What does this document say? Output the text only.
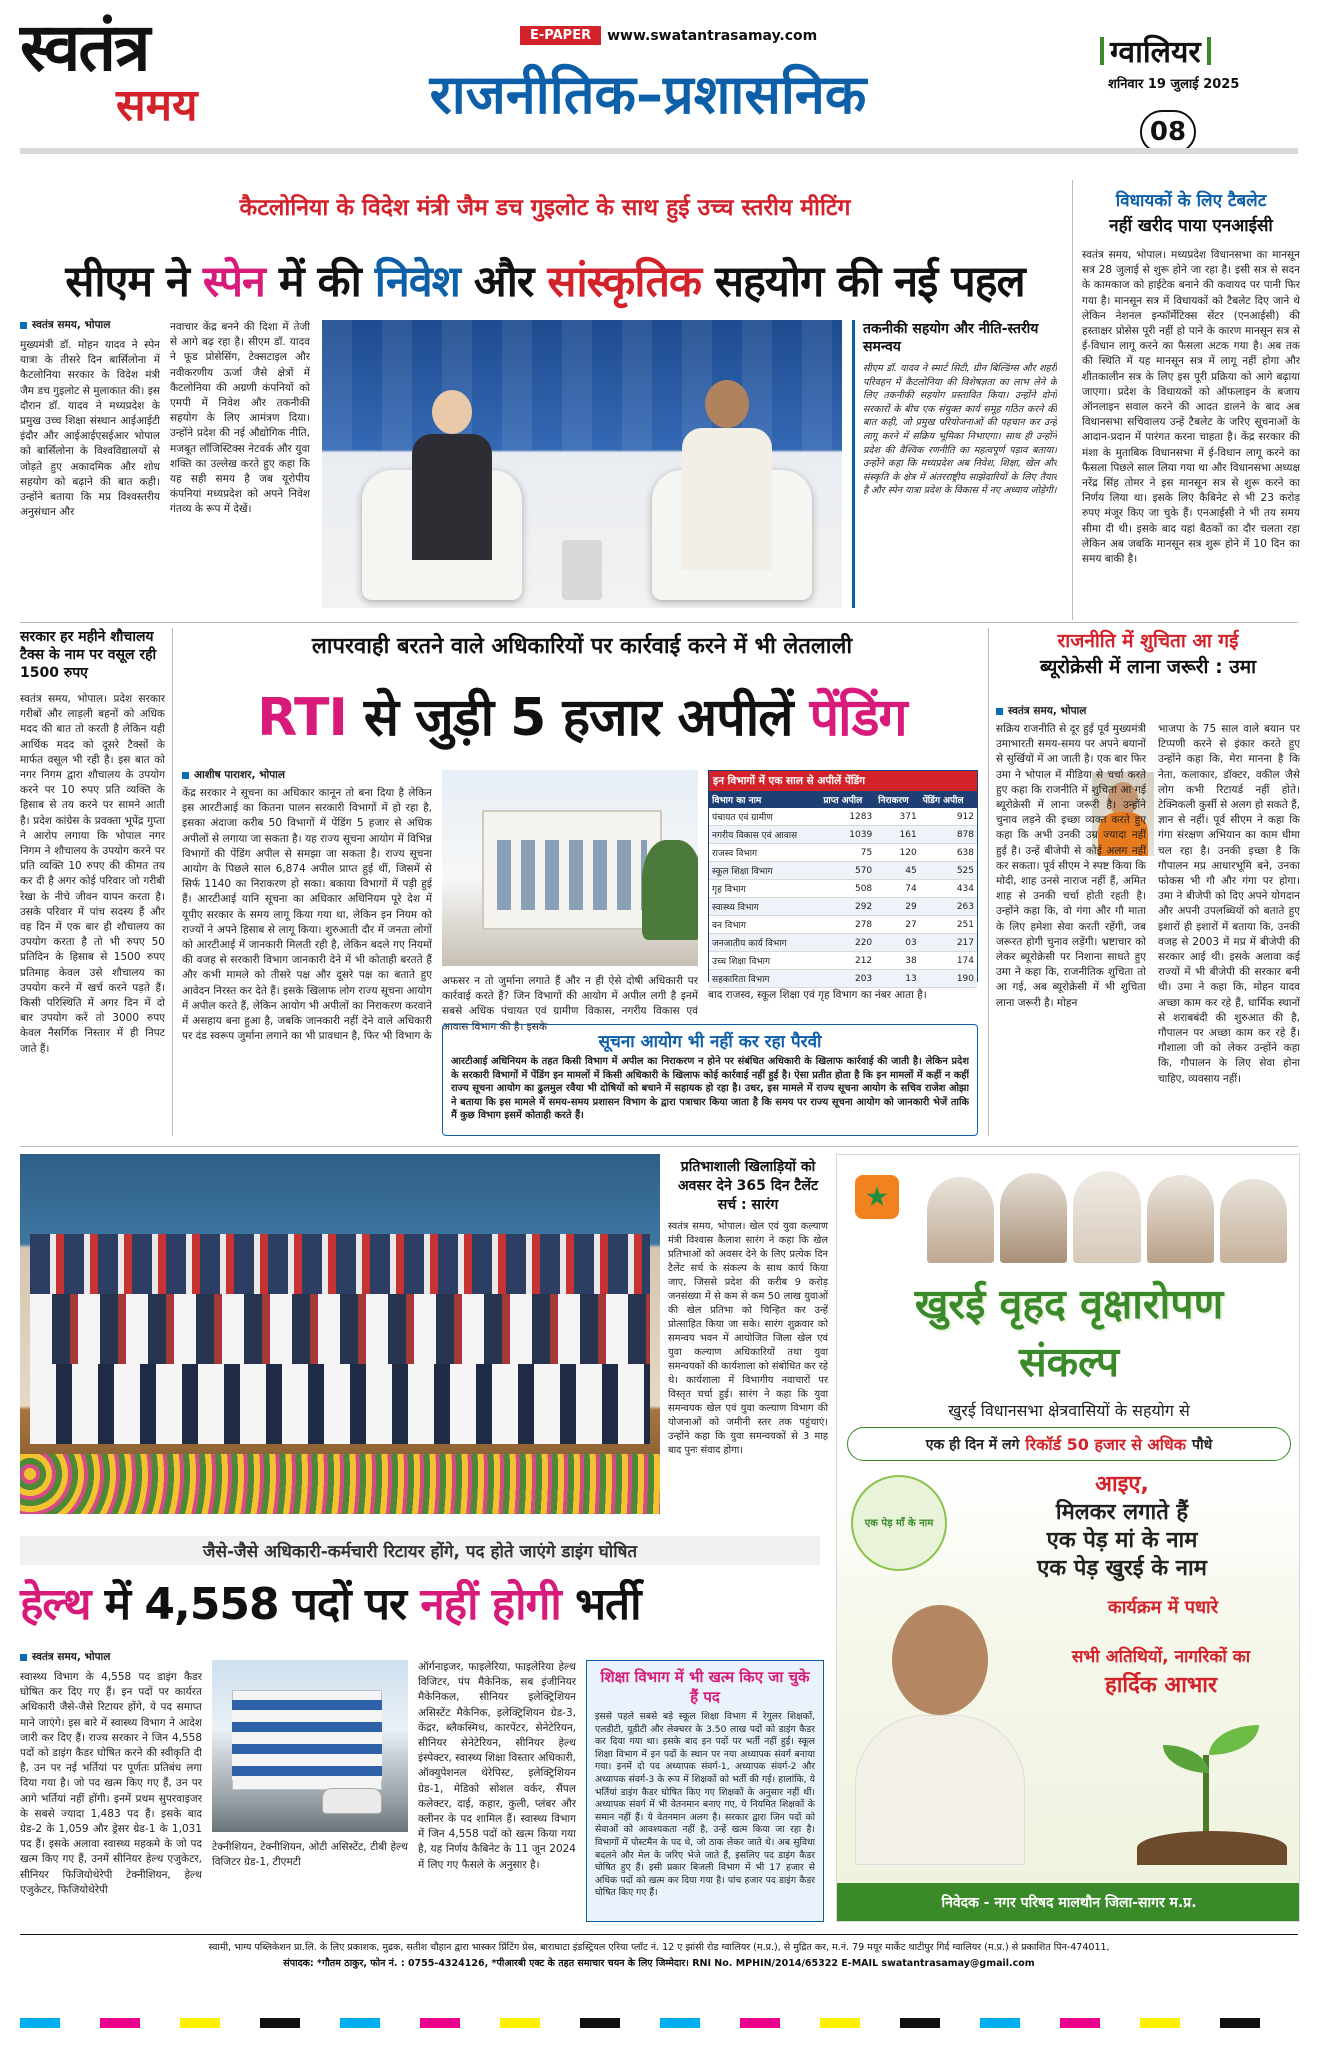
स्वतंत्र
समय
E-PAPER	www.swatantrasamay.com
राजनीतिक–प्रशासनिक
ग्वालियर
शनिवार 19 जुलाई 2025
08
कैटलोनिया के विदेश मंत्री जैम डच गुइलोट के साथ हुई उच्च स्तरीय मीटिंग
सीएम ने स्पेन में की निवेश और सांस्कृतिक सहयोग की नई पहल
स्वतंत्र समय, भोपाल
मुख्यमंत्री डॉ. मोहन यादव ने स्पेन यात्रा के तीसरे दिन बार्सिलोना में कैटलोनिया सरकार के विदेश मंत्री जैम डच गुइलोट से मुलाकात की। इस दौरान डॉ. यादव ने मध्यप्रदेश के प्रमुख उच्च शिक्षा संस्थान आईआईटी इंदौर और आईआईएसईआर भोपाल को बार्सिलोना के विश्वविद्यालयों से जोड़ते हुए अकादमिक और शोध सहयोग को बढ़ाने की बात कही। उन्होंने बताया कि मप्र विश्वस्तरीय अनुसंधान और
नवाचार केंद्र बनने की दिशा में तेजी से आगे बढ़ रहा है। सीएम डॉ. यादव ने फूड प्रोसेसिंग, टेक्सटाइल और नवीकरणीय ऊर्जा जैसे क्षेत्रों में कैटलोनिया की अग्रणी कंपनियों को एमपी में निवेश और तकनीकी सहयोग के लिए आमंत्रण दिया। उन्होंने प्रदेश की नई औद्योगिक नीति, मजबूत लॉजिस्टिक्स नेटवर्क और युवा शक्ति का उल्लेख करते हुए कहा कि यह सही समय है जब यूरोपीय कंपनियां मध्यप्रदेश को अपने निवेश गंतव्य के रूप में देखें।
तकनीकी सहयोग और नीति-स्तरीय समन्वय
सीएम डॉ. यादव ने स्मार्ट सिटी, ग्रीन बिल्डिंग्स और शहरी परिवहन में कैटलोनिया की विशेषज्ञता का लाभ लेने के लिए तकनीकी सहयोग प्रस्तावित किया। उन्होंने दोनों सरकारों के बीच एक संयुक्त कार्य समूह गठित करने की बात कही, जो प्रमुख परियोजनाओं की पहचान कर उन्हें लागू करने में सक्रिय भूमिका निभाएगा। साथ ही उन्होंने प्रदेश की वैश्विक रणनीति का महत्वपूर्ण पड़ाव बताया। उन्होंने कहा कि मध्यप्रदेश अब निवेश, शिक्षा, खेल और संस्कृति के क्षेत्र में अंतरराष्ट्रीय साझेदारियों के लिए तैयार है और स्पेन यात्रा प्रदेश के विकास में नए अध्याय जोड़ेगी।
विधायकों के लिए टैबलेट
नहीं खरीद पाया एनआईसी
स्वतंत्र समय, भोपाल। मध्यप्रदेश विधानसभा का मानसून सत्र 28 जुलाई से शुरू होने जा रहा है। इसी सत्र से सदन के कामकाज को हाईटेक बनाने की कवायद पर पानी फिर गया है। मानसून सत्र में विधायकों को टैबलेट दिए जाने थे लेकिन नेशनल इन्फॉर्मेटिक्स सेंटर (एनआईसी) की हस्ताक्षर प्रोसेस पूरी नहीं हो पाने के कारण मानसून सत्र से ई-विधान लागू करने का फैसला अटक गया है। अब तक की स्थिति में यह मानसून सत्र में लागू नहीं होगा और शीतकालीन सत्र के लिए इस पूरी प्रक्रिया को आगे बढ़ाया जाएगा। प्रदेश के विधायकों को ऑफलाइन के बजाय ऑनलाइन सवाल करने की आदत डालने के बाद अब विधानसभा सचिवालय उन्हें टैबलेट के जरिए सूचनाओं के आदान-प्रदान में पारंगत करना चाहता है। केंद्र सरकार की मंशा के मुताबिक विधानसभा में ई-विधान लागू करने का फैसला पिछले साल लिया गया था और विधानसभा अध्यक्ष नरेंद्र सिंह तोमर ने इस मानसून सत्र से शुरू करने का निर्णय लिया था। इसके लिए कैबिनेट से भी 23 करोड़ रुपए मंजूर किए जा चुके हैं। एनआईसी ने भी तय समय सीमा दी थी। इसके बाद यहां बैठकों का दौर चलता रहा लेकिन अब जबकि मानसून सत्र शुरू होने में 10 दिन का समय बाकी है।
सरकार हर महीने शौचालय टैक्स के नाम पर वसूल रही 1500 रुपए
स्वतंत्र समय, भोपाल। प्रदेश सरकार गरीबों और लाड़ली बहनों को अधिक मदद की बात तो करती है लेकिन यही आर्थिक मदद को दूसरे टैक्सों के मार्फत वसूल भी रही है। इस बात को नगर निगम द्वारा शौचालय के उपयोग करने पर 10 रुपए प्रति व्यक्ति के हिसाब से तय करने पर सामने आती है। प्रदेश कांग्रेस के प्रवक्ता भूपेंद्र गुप्ता ने आरोप लगाया कि भोपाल नगर निगम ने शौचालय के उपयोग करने पर प्रति व्यक्ति 10 रुपए की कीमत तय कर दी है अगर कोई परिवार जो गरीबी रेखा के नीचे जीवन यापन करता है। उसके परिवार में पांच सदस्य हैं और वह दिन में एक बार ही शौचालय का उपयोग करता है तो भी रुपए 50 प्रतिदिन के हिसाब से 1500 रुपए प्रतिमाह केवल उसे शौचालय का उपयोग करने में खर्च करने पड़ते हैं। किसी परिस्थिति में अगर दिन में दो बार उपयोग करें तो 3000 रुपए केवल नैसर्गिक निस्तार में ही निपट जाते हैं।
लापरवाही बरतने वाले अधिकारियों पर कार्रवाई करने में भी लेतलाली
RTI से जुड़ी 5 हजार अपीलें पेंडिंग
आशीष पाराशर, भोपाल
केंद्र सरकार ने सूचना का अधिकार कानून तो बना दिया है लेकिन इस आरटीआई का कितना पालन सरकारी विभागों में हो रहा है, इसका अंदाजा करीब 50 विभागों में पेंडिंग 5 हजार से अधिक अपीलों से लगाया जा सकता है। यह राज्य सूचना आयोग में विभिन्न विभागों की पेंडिंग अपील से समझा जा सकता है। राज्य सूचना आयोग के पिछले साल 6,874 अपील प्राप्त हुई थीं, जिसमें से सिर्फ 1140 का निराकरण हो सका। बकाया विभागों में पड़ी हुई हैं। आरटीआई यानि सूचना का अधिकार अधिनियम पूरे देश में यूपीए सरकार के समय लागू किया गया था, लेकिन इन नियम को राज्यों ने अपने हिसाब से लागू किया। शुरुआती दौर में जनता लोगों को आरटीआई में जानकारी मिलती रही है, लेकिन बदले गए नियमों की वजह से सरकारी विभाग जानकारी देने में भी कोताही बरतते हैं और कभी मामले को तीसरे पक्ष और दूसरे पक्ष का बताते हुए आवेदन निरस्त कर देते हैं। इसके खिलाफ लोग राज्य सूचना आयोग में अपील करते हैं, लेकिन आयोग भी अपीलों का निराकरण करवाने में असहाय बना हुआ है, जबकि जानकारी नहीं देने वाले अधिकारी पर दंड स्वरूप जुर्माना लगाने का भी प्रावधान है, फिर भी विभाग के
अफसर न तो जुर्माना लगाते हैं और न ही ऐसे दोषी अधिकारी पर कार्रवाई करते हैं? जिन विभागों की आयोग में अपील लगी है इनमें सबसे अधिक पंचायत एवं ग्रामीण विकास, नगरीय विकास एवं आवास विभाग की है। इसके
इन विभागों में एक साल से अपीलें पेंडिंग
विभाग का नाम	प्राप्त अपील	निराकरण	पेंडिंग अपील
पंचायत एवं ग्रामीण	1283	371	912
नगरीय विकास एवं आवास	1039	161	878
राजस्व विभाग	75	120	638
स्कूल शिक्षा विभाग	570	45	525
गृह विभाग	508	74	434
स्वास्थ्य विभाग	292	29	263
वन विभाग	278	27	251
जनजातीय कार्य विभाग	220	03	217
उच्च शिक्षा विभाग	212	38	174
सहकारिता विभाग	203	13	190
बाद राजस्व, स्कूल शिक्षा एवं गृह विभाग का नंबर आता है।
सूचना आयोग भी नहीं कर रहा पैरवी
आरटीआई अधिनियम के तहत किसी विभाग में अपील का निराकरण न होने पर संबंधित अधिकारी के खिलाफ कार्रवाई की जाती है। लेकिन प्रदेश के सरकारी विभागों में पेंडिंग इन मामलों में किसी अधिकारी के खिलाफ कोई कार्रवाई नहीं हुई है। ऐसा प्रतीत होता है कि इन मामलों में कहीं न कहीं राज्य सूचना आयोग का ढुलमुल रवैया भी दोषियों को बचाने में सहायक हो रहा है। उधर, इस मामले में राज्य सूचना आयोग के सचिव राजेश ओझा ने बताया कि इस मामले में समय-समय प्रशासन विभाग के द्वारा पत्राचार किया जाता है कि समय पर राज्य सूचना आयोग को जानकारी भेजें ताकि मैं कुछ विभाग इसमें कोताही करते हैं।
राजनीति में शुचिता आ गई
ब्यूरोक्रेसी में लाना जरूरी : उमा
स्वतंत्र समय, भोपाल
सक्रिय राजनीति से दूर हुई पूर्व मुख्यमंत्री उमाभारती समय-समय पर अपने बयानों से सुर्खियों में आ जाती है। एक बार फिर उमा ने भोपाल में मीडिया से चर्चा करते हुए कहा कि राजनीति में शुचिता आ गई ब्यूरोक्रेसी में लाना जरूरी है। उन्होंने चुनाव लड़ने की इच्छा व्यक्त करते हुए कहा कि अभी उनकी उम्र ज्यादा नहीं हुई है। उन्हें बीजेपी से कोई अलग नहीं कर सकता। पूर्व सीएम ने स्पष्ट किया कि मोदी, शाह उनसे नाराज नहीं हैं, अमित शाह से उनकी चर्चा होती रहती है। उन्होंने कहा कि, वो गंगा और गौ माता के लिए हमेशा सेवा करती रहेंगी, जब जरूरत होगी चुनाव लड़ेंगी। भ्रष्टाचार को लेकर ब्यूरोक्रेसी पर निशाना साधते हुए उमा ने कहा कि, राजनीतिक शुचिता तो आ गई, अब ब्यूरोक्रेसी में भी शुचिता लाना जरूरी है। मोहन
भाजपा के 75 साल वाले बयान पर टिप्पणी करने से इंकार करते हुए उन्होंने कहा कि, मेरा मानना है कि नेता, कलाकार, डॉक्टर, वकील जैसे लोग कभी रिटायर्ड नहीं होते। टेक्निकली कुर्सी से अलग हो सकते हैं, ज्ञान से नहीं। पूर्व सीएम ने कहा कि गंगा संरक्षण अभियान का काम धीमा चल रहा है। उनकी इच्छा है कि गौपालन मप्र आधारभूमि बने, उनका फोकस भी गौ और गंगा पर होगा। उमा ने बीजेपी को दिए अपने योगदान और अपनी उपलब्धियों को बताते हुए इशारों ही इशारों में बताया कि, उनकी वजह से 2003 में मप्र में बीजेपी की सरकार आई थी। इसके अलावा कई राज्यों में भी बीजेपी की सरकार बनी थी। उमा ने कहा कि, मोहन यादव अच्छा काम कर रहे हैं, धार्मिक स्थानों से शराबबंदी की शुरुआत की है, गौपालन पर अच्छा काम कर रहे हैं। गौशाला जी को लेकर उन्होंने कहा कि, गौपालन के लिए सेवा होना चाहिए, व्यवसाय नहीं।
प्रतिभाशाली खिलाड़ियों को अवसर देने 365 दिन टैलेंट सर्च : सारंग
स्वतंत्र समय, भोपाल। खेल एवं युवा कल्याण मंत्री विश्वास कैलाश सारंग ने कहा कि खेल प्रतिभाओं को अवसर देने के लिए प्रत्येक दिन टैलेंट सर्च के संकल्प के साथ कार्य किया जाए, जिससे प्रदेश की करीब 9 करोड़ जनसंख्या में से कम से कम 50 लाख युवाओं की खेल प्रतिभा को चिन्हित कर उन्हें प्रोत्साहित किया जा सके। सारंग शुक्रवार को समन्वय भवन में आयोजित जिला खेल एवं युवा कल्याण अधिकारियों तथा युवा समन्वयकों की कार्यशाला को संबोधित कर रहे थे। कार्यशाला में विभागीय नवाचारों पर विस्तृत चर्चा हुई। सारंग ने कहा कि युवा समन्वयक खेल एवं युवा कल्याण विभाग की योजनाओं को जमीनी स्तर तक पहुंचाएं। उन्होंने कहा कि युवा समन्वयकों से 3 माह बाद पुनः संवाद होगा।
खुरई वृहद वृक्षारोपण
संकल्प
खुरई विधानसभा क्षेत्रवासियों के सहयोग से
एक ही दिन में लगे रिकॉर्ड 50 हजार से अधिक पौधे
एक पेड़ माँ के नाम
आइए,
मिलकर लगाते हैं
एक पेड़ मां के नाम
एक पेड़ खुरई के नाम
कार्यक्रम में पधारे
सभी अतिथियों, नागरिकों का
हार्दिक आभार
निवेदक - नगर परिषद मालथौन जिला-सागर म.प्र.
जैसे-जैसे अधिकारी-कर्मचारी रिटायर होंगे, पद होते जाएंगे डाइंग घोषित
हेल्थ में 4,558 पदों पर नहीं होगी भर्ती
स्वतंत्र समय, भोपाल
स्वास्थ्य विभाग के 4,558 पद डाइंग कैडर घोषित कर दिए गए हैं। इन पदों पर कार्यरत अधिकारी जैसे-जैसे रिटायर होंगे, ये पद समाप्त माने जाएंगे। इस बारे में स्वास्थ्य विभाग ने आदेश जारी कर दिए हैं। राज्य सरकार ने जिन 4,558 पदों को डाइंग कैडर घोषित करने की स्वीकृति दी है, उन पर नई भर्तियां पर पूर्णतः प्रतिबंध लगा दिया गया है। जो पद खत्म किए गए हैं, उन पर आगे भर्तियां नहीं होंगी। इनमें प्रथम सुपरवाइजर के सबसे ज्यादा 1,483 पद हैं। इसके बाद ग्रेड-2 के 1,059 और ड्रेसर ग्रेड-1 के 1,031 पद हैं। इसके अलावा स्वास्थ्य महकमे के जो पद खत्म किए गए हैं, उनमें सीनियर हेल्थ एजुकेटर, सीनियर फिजियोथेरेपी टेक्नीशियन, हेल्थ एजुकेटर, फिजियोथेरेपी
टेक्नीशियन, टेक्नीशियन, ओटी असिस्टेंट, टीबी हेल्थ विजिटर ग्रेड-1, टीएमटी
ऑर्गनाइजर, फाइलेरिया, फाइलेरिया हेल्थ विजिटर, पंप मैकेनिक, सब इंजीनियर मैकेनिकल, सीनियर इलेक्ट्रिशियन असिस्टेंट मैकेनिक, इलेक्ट्रिशियन ग्रेड-3, केंद्रर, ब्लैकस्मिथ, कारपेंटर, सेनेटेरियन, सीनियर सेनेटेरियन, सीनियर हेल्थ इंस्पेक्टर, स्वास्थ्य शिक्षा विस्तार अधिकारी, ऑक्युपेशनल थेरेपिस्ट, इलेक्ट्रिशियन ग्रेड-1, मेडिको सोशल वर्कर, सैंपल कलेक्टर, दाई, कहार, कुली, प्लंबर और क्लीनर के पद शामिल हैं। स्वास्थ्य विभाग में जिन 4,558 पदों को खत्म किया गया है, यह निर्णय कैबिनेट के 11 जून 2024 में लिए गए फैसले के अनुसार है।
शिक्षा विभाग में भी खत्म किए जा चुके हैं पद
इससे पहले सबसे बड़े स्कूल शिक्षा विभाग में रेगुलर शिक्षकों, एलडीटी, यूडीटी और लेक्चरर के 3.50 लाख पदों को डाइंग कैडर कर दिया गया था। इसके बाद इन पदों पर भर्ती नहीं हुई। स्कूल शिक्षा विभाग में इन पदों के स्थान पर नया अध्यापक संवर्ग बनाया गया। इनमें दो पद अध्यापक संवर्ग-1, अध्यापक संवर्ग-2 और अध्यापक संवर्ग-3 के रूप में शिक्षकों को भर्ती की गई। हालांकि, ये भर्तियां डाइंग कैडर घोषित किए गए शिक्षकों के अनुसार नहीं थीं। अध्यापक संवर्ग में भी वेतनमान बनाए गए, ये नियमित शिक्षकों के समान नहीं हैं। ये वेतनमान अलग है। सरकार द्वारा जिन पदों को सेवाओं को आवश्यकता नहीं है, उन्हें खत्म किया जा रहा है। विभागों में पोस्टमैन के पद थे, जो ठाक लेकर जाते थे। अब सुविधा बदलने और मेल के जरिए भेजे जाते हैं, इसलिए पद डाइंग कैडर घोषित हुए हैं। इसी प्रकार बिजली विभाग में भी 17 हजार से अधिक पदों को खत्म कर दिया गया है। पांच हजार पद डाइंग कैडर घोषित किए गए हैं।
स्वामी, भाग्य पब्लिकेशन प्रा.लि. के लिए प्रकाशक, मुद्रक, सतीश चौहान द्वारा भास्कर प्रिंटिंग प्रेस, बाराघाटा इंडस्ट्रियल एरिया प्लॉट नं. 12 ए झांसी रोड ग्वालियर (म.प्र.), से मुद्रित कर, म.नं. 79 मयूर मार्केट थाटीपुर गिर्द ग्वालियर (म.प्र.) से प्रकाशित पिन-474011,
संपादक: *गौतम ठाकुर, फोन नं. : 0755-4324126, *पीआरबी एक्ट के तहत समाचार चयन के लिए जिम्मेदार। RNI No. MPHIN/2014/65322 E-MAIL swatantrasamay@gmail.com
